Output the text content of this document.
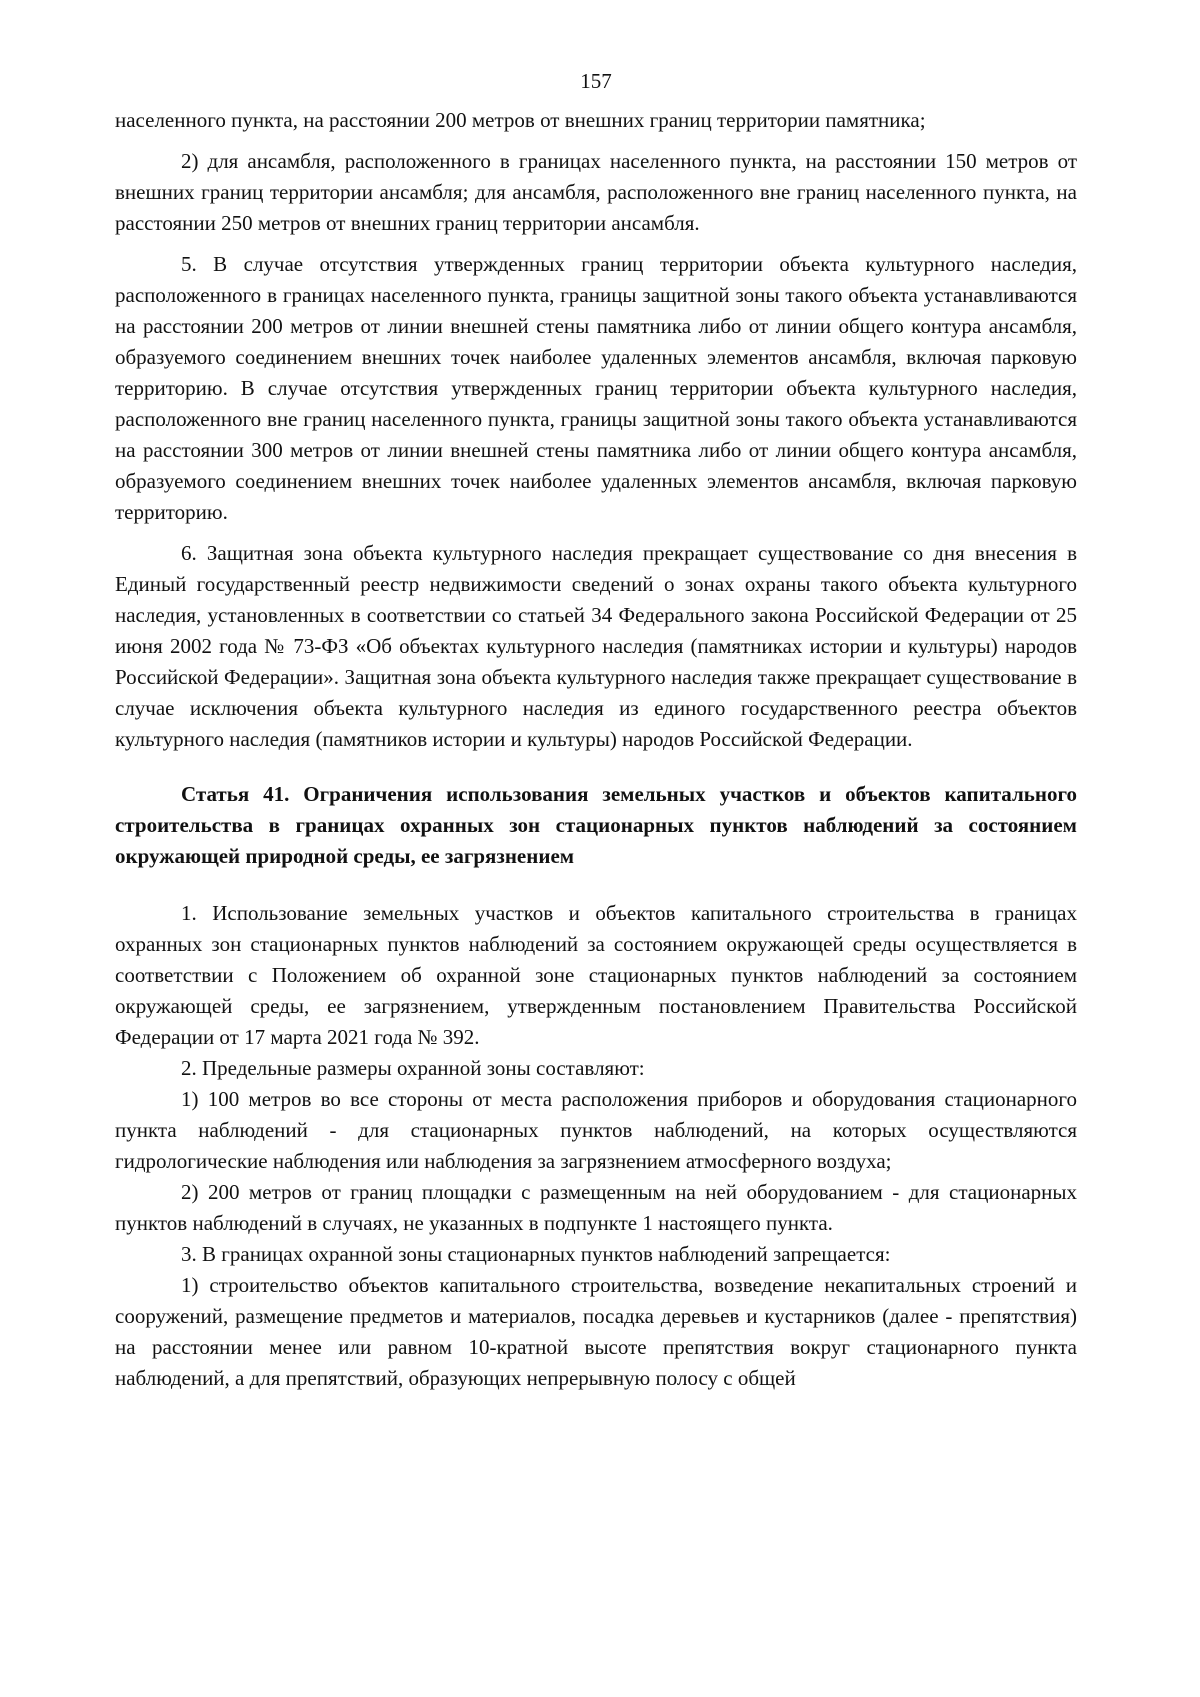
157

населенного пункта, на расстоянии 200 метров от внешних границ территории памятника;

2) для ансамбля, расположенного в границах населенного пункта, на расстоянии 150 метров от внешних границ территории ансамбля; для ансамбля, расположенного вне границ населенного пункта, на расстоянии 250 метров от внешних границ территории ансамбля.

5. В случае отсутствия утвержденных границ территории объекта культурного наследия, расположенного в границах населенного пункта, границы защитной зоны такого объекта устанавливаются на расстоянии 200 метров от линии внешней стены памятника либо от линии общего контура ансамбля, образуемого соединением внешних точек наиболее удаленных элементов ансамбля, включая парковую территорию. В случае отсутствия утвержденных границ территории объекта культурного наследия, расположенного вне границ населенного пункта, границы защитной зоны такого объекта устанавливаются на расстоянии 300 метров от линии внешней стены памятника либо от линии общего контура ансамбля, образуемого соединением внешних точек наиболее удаленных элементов ансамбля, включая парковую территорию.

6. Защитная зона объекта культурного наследия прекращает существование со дня внесения в Единый государственный реестр недвижимости сведений о зонах охраны такого объекта культурного наследия, установленных в соответствии со статьей 34 Федерального закона Российской Федерации от 25 июня 2002 года № 73-ФЗ «Об объектах культурного наследия (памятниках истории и культуры) народов Российской Федерации». Защитная зона объекта культурного наследия также прекращает существование в случае исключения объекта культурного наследия из единого государственного реестра объектов культурного наследия (памятников истории и культуры) народов Российской Федерации.

Статья 41. Ограничения использования земельных участков и объектов капитального строительства в границах охранных зон стационарных пунктов наблюдений за состоянием окружающей природной среды, ее загрязнением

1. Использование земельных участков и объектов капитального строительства в границах охранных зон стационарных пунктов наблюдений за состоянием окружающей среды осуществляется в соответствии с Положением об охранной зоне стационарных пунктов наблюдений за состоянием окружающей среды, ее загрязнением, утвержденным постановлением Правительства Российской Федерации от 17 марта 2021 года № 392.

2. Предельные размеры охранной зоны составляют:

1) 100 метров во все стороны от места расположения приборов и оборудования стационарного пункта наблюдений - для стационарных пунктов наблюдений, на которых осуществляются гидрологические наблюдения или наблюдения за загрязнением атмосферного воздуха;

2) 200 метров от границ площадки с размещенным на ней оборудованием - для стационарных пунктов наблюдений в случаях, не указанных в подпункте 1 настоящего пункта.

3. В границах охранной зоны стационарных пунктов наблюдений запрещается:

1) строительство объектов капитального строительства, возведение некапитальных строений и сооружений, размещение предметов и материалов, посадка деревьев и кустарников (далее - препятствия) на расстоянии менее или равном 10-кратной высоте препятствия вокруг стационарного пункта наблюдений, а для препятствий, образующих непрерывную полосу с общей
